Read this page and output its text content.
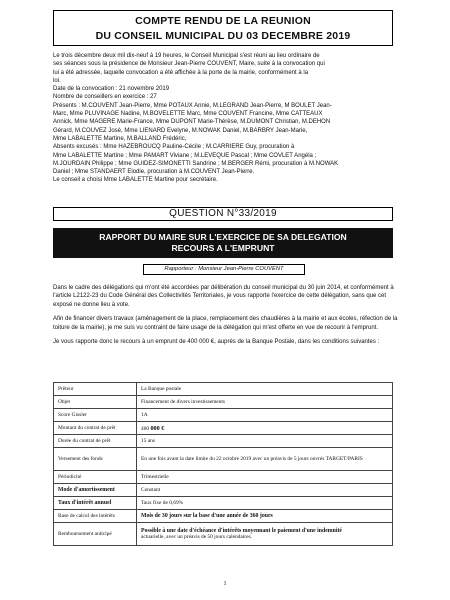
COMPTE RENDU DE LA REUNION
DU CONSEIL MUNICIPAL DU 03 DECEMBRE 2019

Le trois décembre deux mil dix-neuf à 19 heures, le Conseil Municipal s'est réuni au lieu ordinaire de

ses séances sous la présidence de Monsieur Jean-Pierre COUVENT, Maire, suite à la convocation qui

lui a été adressée, laquelle convocation a été affichée à la porte de la mairie, conformément à la

loi.

Date de la convocation : 21 novembre 2019

Nombre de conseillers en exercice : 27

Présents : M.COUVENT Jean-Pierre, Mme POTAUX Annie, M.LEGRAND Jean-Pierre, M BOULET Jean-

Marc, Mme PLUVINAGE Nadine, M.BOVELETTE Marc, Mme COUVENT Francine, Mme CATTEAUX

Annick, Mme MAGERE Marie-France, Mme DUPONT Marie-Thérèse, M.DUMONT Christian, M.DEHON

Gérard, M.COUVEZ José, Mme LIENARD Evelyne, M.NOWAK Daniel, M.BARBRY Jean-Marie,

Mme LABALETTE Martine, M.BALLAND Frédéric,

Absents excusés : Mme HAZEBROUCQ Pauline-Cécile ; M.CARRIERE Guy, procuration à

Mme LABALETTE Martine ; Mme PAMART Viviane ; M.LEVEQUE Pascal ; Mme COVLET Angéla ;

M.JOURDAIN Philippe ; Mme GUIDEZ-SIMONETTI Sandrine ; M.BERGER Rémi, procuration à M.NOWAK

Daniel ; Mme STANDAERT Elodie, procuration à M.COUVENT Jean-Pierre.

Le conseil a choisi Mme LABALETTE Martine pour secrétaire.

QUESTION N°33/2019
RAPPORT DU MAIRE SUR L'EXERCICE DE SA DELEGATION
RECOURS A L'EMPRUNT
Rapporteur : Monsieur Jean-Pierre COUVENT

Dans le cadre des délégations qui m'ont été accordées par délibération du conseil municipal du 30 juin 2014, et conformément à l'article L2122-23 du Code Général des Collectivités Territoriales, je vous rapporte l'exercice de cette délégation, sans que cet exposé ne donne lieu à vote.

Afin de financer divers travaux (aménagement de la place, remplacement des chaudières à la mairie et aux écoles, réfection de la toiture de la mairie), je me suis vu contraint de faire usage de la délégation qui m'est offerte en vue de recourir à l'emprunt.

Je vous rapporte donc le recours à un emprunt de 400 000 €, auprès de la Banque Postale, dans les conditions suivantes :

Prêteur	La Banque postale
Objet	Financement de divers investissements
Score Gissler	1A
Montant du contrat de prêt	400 000 €
Durée du contrat de prêt	15 ans
Versement des fonds	En une fois avant la date limite du 22 octobre 2019 avec un préavis de 5 jours ouvrés TARGET/PARIS
Périodicité	Trimestrielle
Mode d'amortissement	Constant
Taux d'intérêt annuel	Taux fixe de 0,69%
Base de calcul des intérêts	Mois de 30 jours sur la base d'une année de 360 jours
Remboursement anticipé	Possible à une date d'échéance d'intérêts moyennant le paiement d'une indemnité
actuarielle, avec un préavis de 50 jours calendaires.
1
